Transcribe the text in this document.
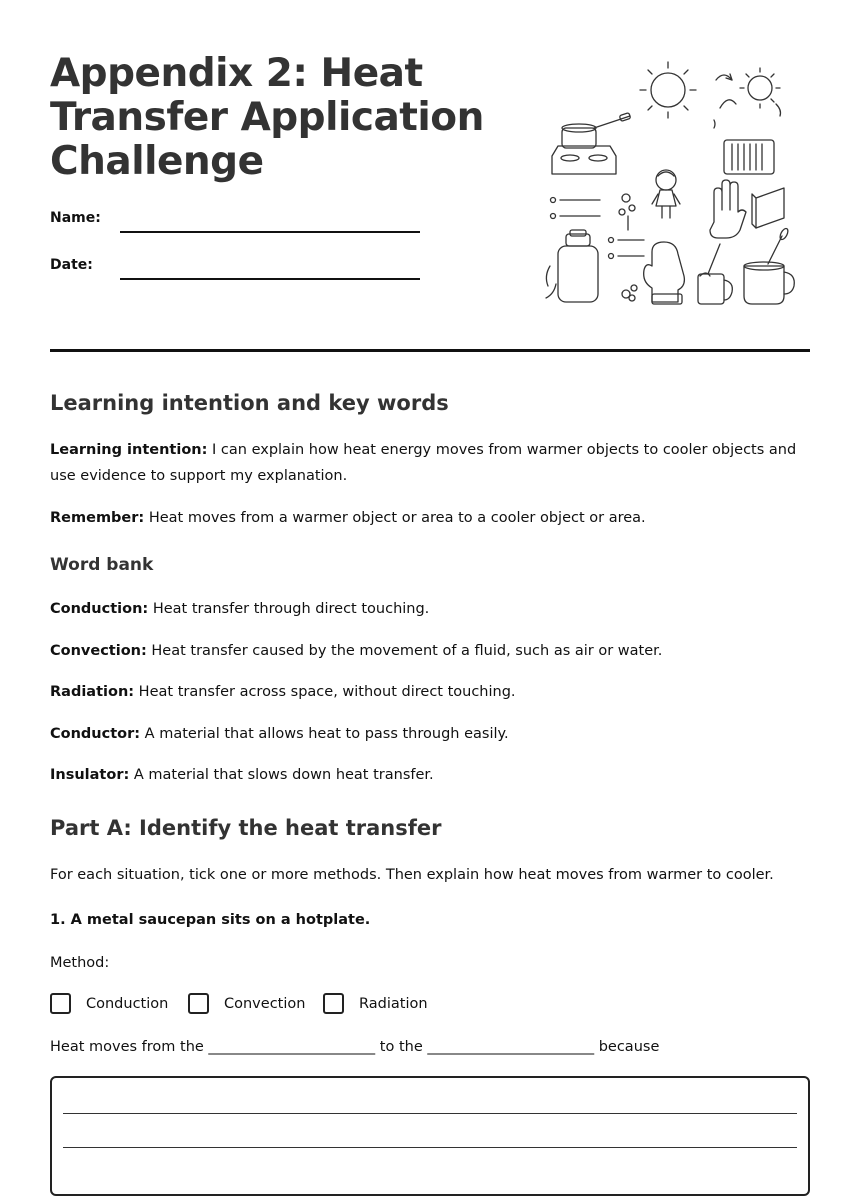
Appendix 2: Heat Transfer Application Challenge
Name:
Date:
Learning intention and key words

Learning intention: I can explain how heat energy moves from warmer objects to cooler objects and use evidence to support my explanation.

Remember: Heat moves from a warmer object or area to a cooler object or area.

Word bank

Conduction: Heat transfer through direct touching.

Convection: Heat transfer caused by the movement of a fluid, such as air or water.

Radiation: Heat transfer across space, without direct touching.

Conductor: A material that allows heat to pass through easily.

Insulator: A material that slows down heat transfer.

Part A: Identify the heat transfer

For each situation, tick one or more methods. Then explain how heat moves from warmer to cooler.

1. A metal saucepan sits on a hotplate.

Method:

Conduction	Convection	Radiation

Heat moves from the _______________________ to the _______________________ because
